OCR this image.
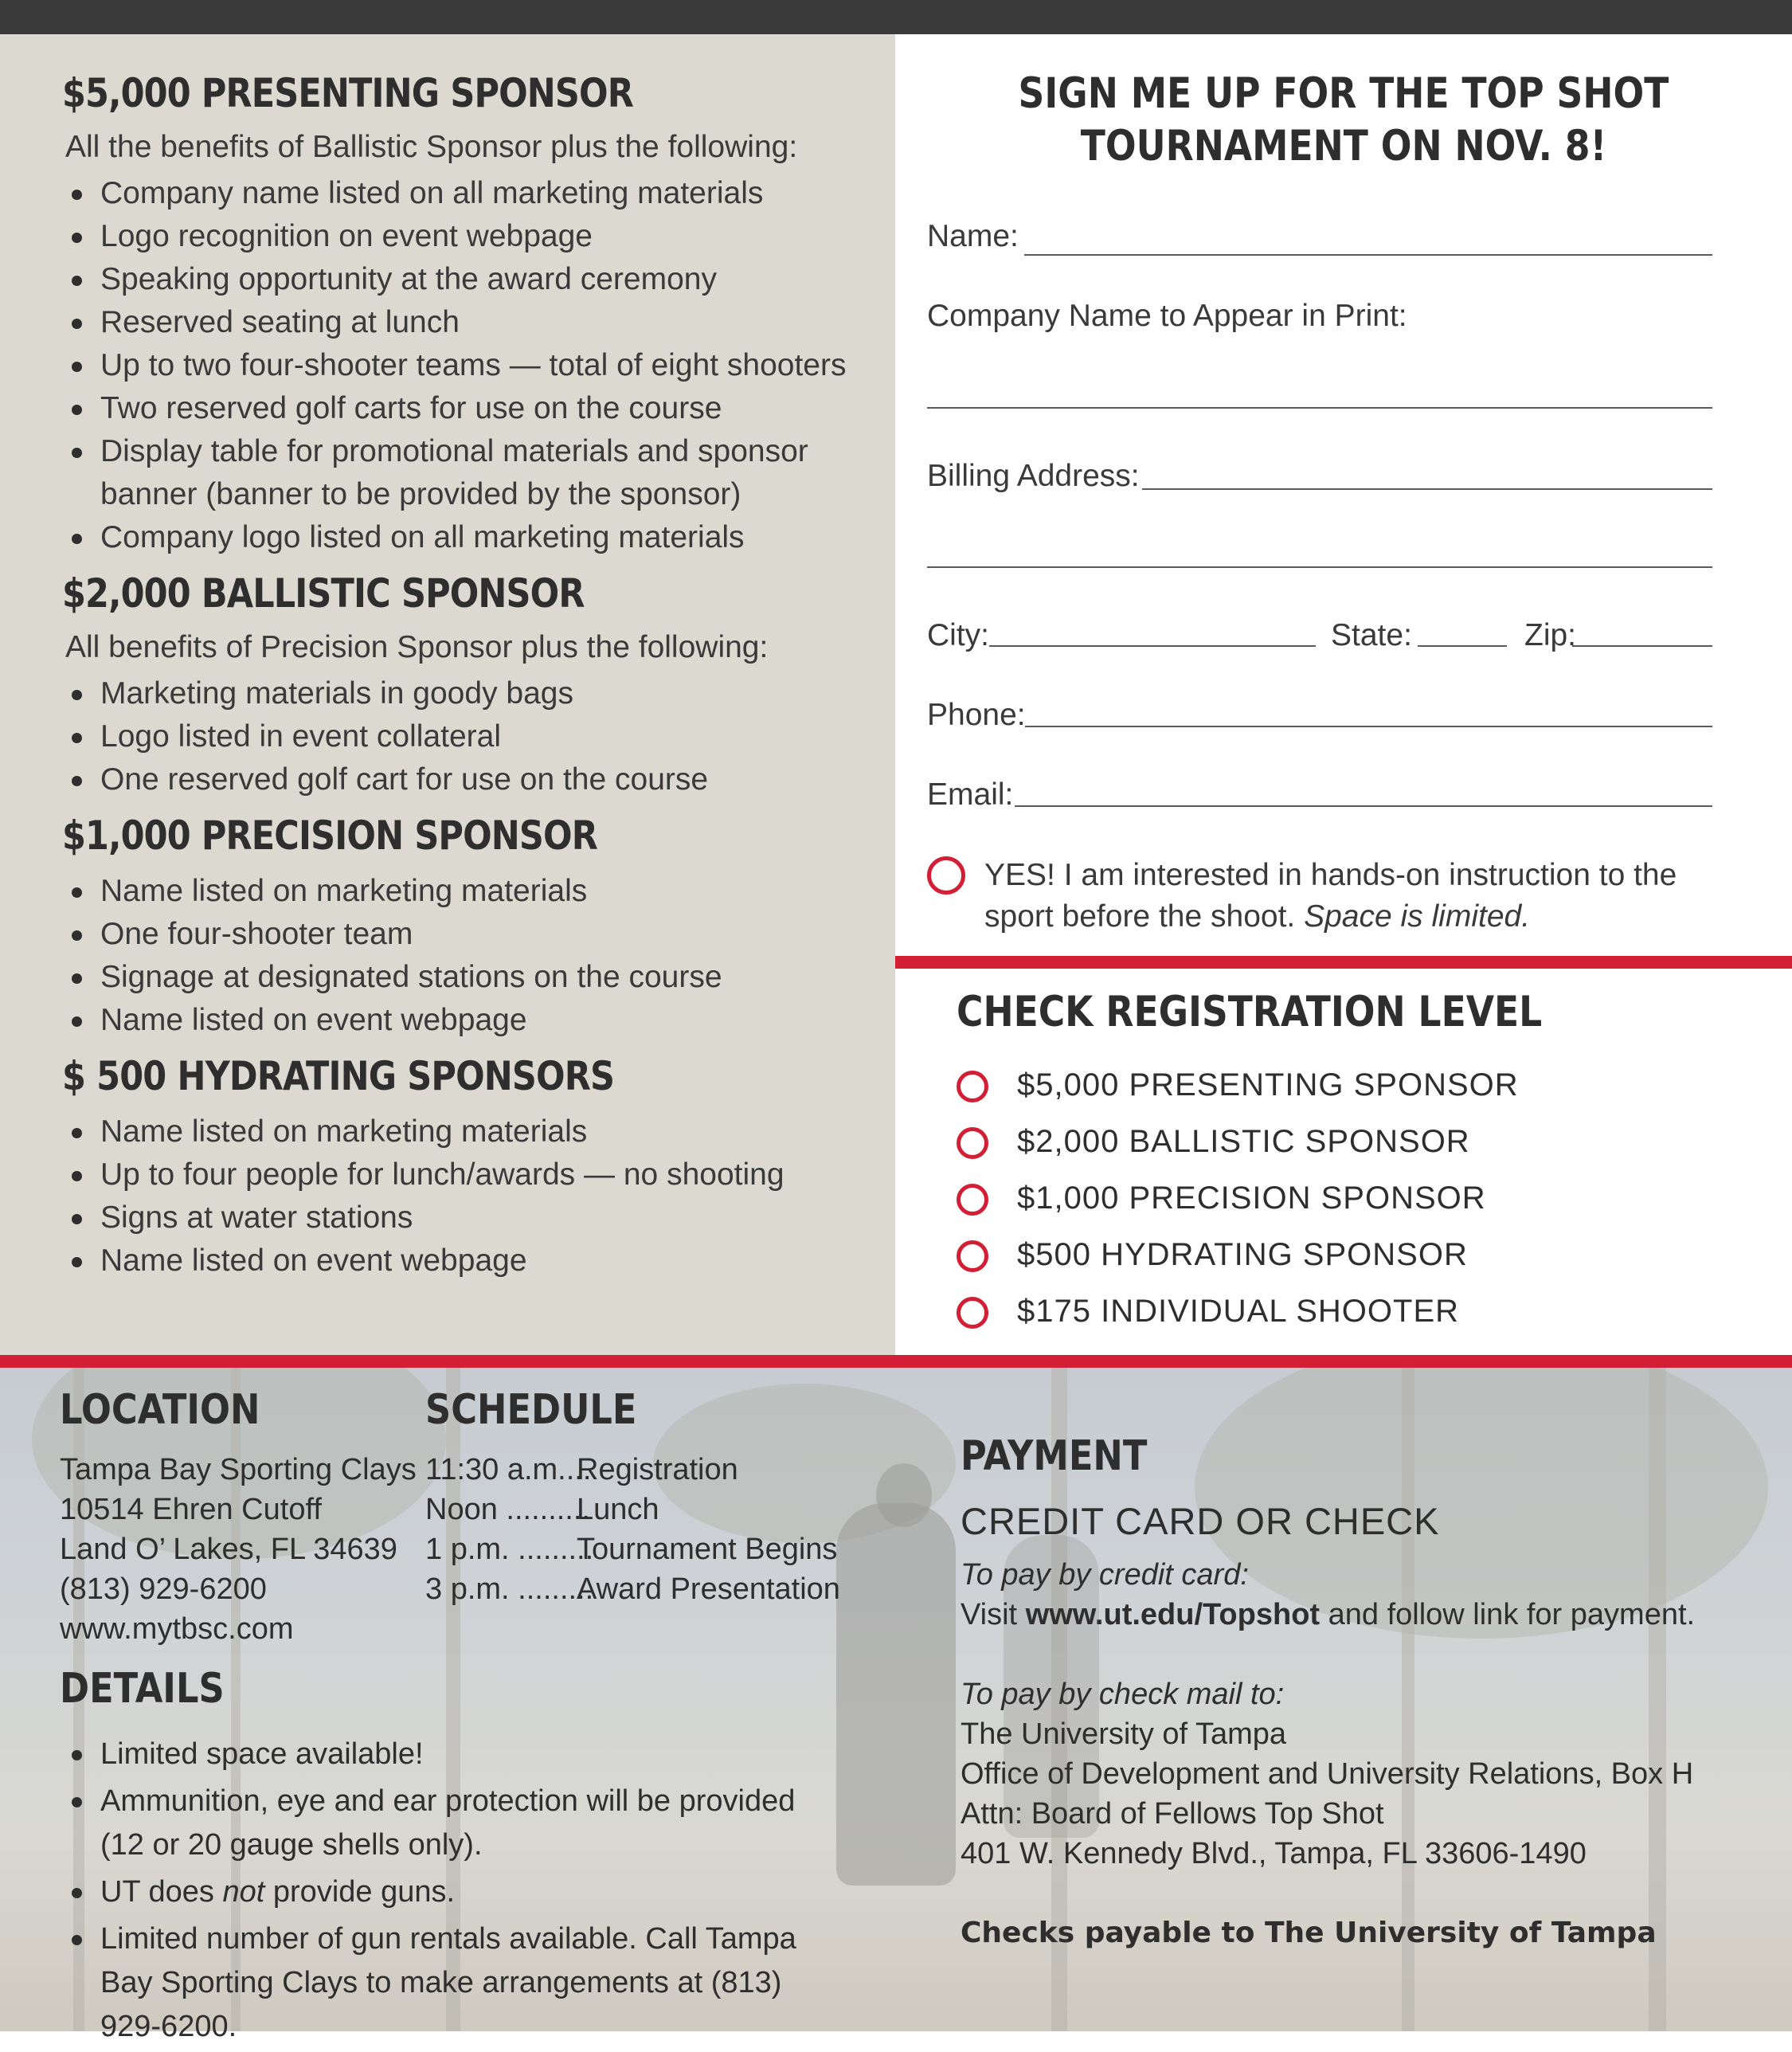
$5,000 PRESENTING SPONSOR
All the benefits of Ballistic Sponsor plus the following:
Company name listed on all marketing materials
Logo recognition on event webpage
Speaking opportunity at the award ceremony
Reserved seating at lunch
Up to two four-shooter teams — total of eight shooters
Two reserved golf carts for use on the course
Display table for promotional materials and sponsor banner (banner to be provided by the sponsor)
Company logo listed on all marketing materials
$2,000 BALLISTIC SPONSOR
All benefits of Precision Sponsor plus the following:
Marketing materials in goody bags
Logo listed in event collateral
One reserved golf cart for use on the course
$1,000 PRECISION SPONSOR
Name listed on marketing materials
One four-shooter team
Signage at designated stations on the course
Name listed on event webpage
$ 500 HYDRATING SPONSORS
Name listed on marketing materials
Up to four people for lunch/awards — no shooting
Signs at water stations
Name listed on event webpage
SIGN ME UP FOR THE TOP SHOT
TOURNAMENT ON NOV. 8!
Name:
Company Name to Appear in Print:
Billing Address:
City:	State:	Zip:
Phone:
Email:
YES! I am interested in hands-on instruction to the sport before the shoot. Space is limited.
CHECK REGISTRATION LEVEL
$5,000 PRESENTING SPONSOR
$2,000 BALLISTIC SPONSOR
$1,000 PRECISION SPONSOR
$500 HYDRATING SPONSOR
$175 INDIVIDUAL SHOOTER
LOCATION
Tampa Bay Sporting Clays
10514 Ehren Cutoff
Land O’ Lakes, FL 34639
(813) 929-6200
www.mytbsc.com
SCHEDULE
11:30 a.m....Registration
Noon ..........Lunch
1 p.m. .........Tournament Begins
3 p.m. .........Award Presentation
DETAILS
Limited space available!
Ammunition, eye and ear protection will be provided (12 or 20 gauge shells only).
UT does not provide guns.
Limited number of gun rentals available. Call Tampa Bay Sporting Clays to make arrangements at (813) 929-6200.
PAYMENT
CREDIT CARD OR CHECK
To pay by credit card:
Visit www.ut.edu/Topshot and follow link for payment.
To pay by check mail to:
The University of Tampa
Office of Development and University Relations, Box H
Attn: Board of Fellows Top Shot
401 W. Kennedy Blvd., Tampa, FL 33606-1490
Checks payable to The University of Tampa
